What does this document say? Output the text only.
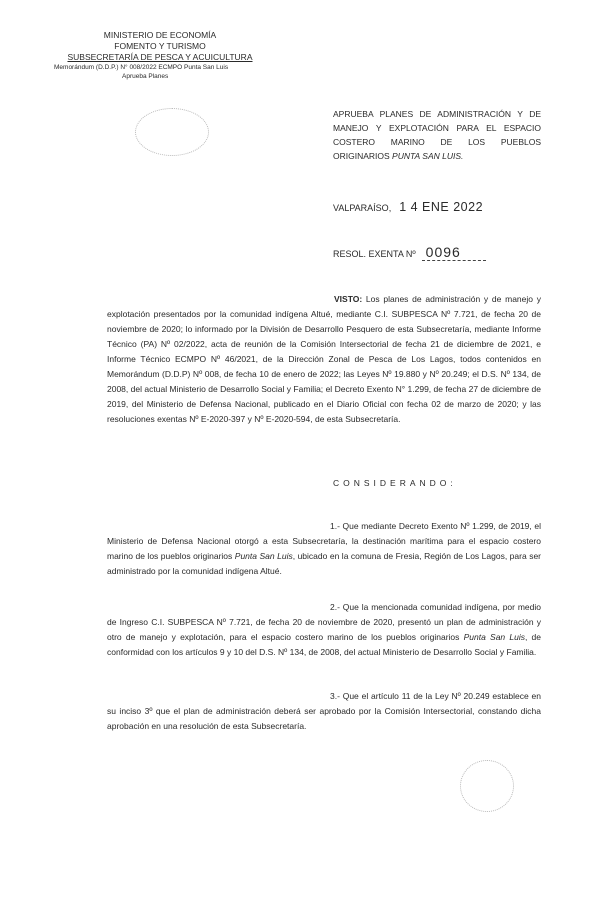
MINISTERIO DE ECONOMÍA
FOMENTO Y TURISMO
SUBSECRETARÍA DE PESCA Y ACUICULTURA
Memorándum (D.D.P.) N° 008/2022 ECMPO Punta San Luis
Aprueba Planes
APRUEBA PLANES DE ADMINISTRACIÓN Y DE MANEJO Y EXPLOTACIÓN PARA EL ESPACIO COSTERO MARINO DE LOS PUEBLOS ORIGINARIOS PUNTA SAN LUIS.
VALPARAÍSO, 1 4 ENE 2022
RESOL. EXENTA Nº 0096

VISTO: Los planes de administración y de manejo y explotación presentados por la comunidad indígena Altué, mediante C.I. SUBPESCA Nº 7.721, de fecha 20 de noviembre de 2020; lo informado por la División de Desarrollo Pesquero de esta Subsecretaría, mediante Informe Técnico (PA) Nº 02/2022, acta de reunión de la Comisión Intersectorial de fecha 21 de diciembre de 2021, e Informe Técnico ECMPO Nº 46/2021, de la Dirección Zonal de Pesca de Los Lagos, todos contenidos en Memorándum (D.D.P) Nº 008, de fecha 10 de enero de 2022; las Leyes Nº 19.880 y Nº 20.249; el D.S. Nº 134, de 2008, del actual Ministerio de Desarrollo Social y Familia; el Decreto Exento N° 1.299, de fecha 27 de diciembre de 2019, del Ministerio de Defensa Nacional, publicado en el Diario Oficial con fecha 02 de marzo de 2020; y las resoluciones exentas Nº E-2020-397 y Nº E-2020-594, de esta Subsecretaría.

CONSIDERANDO:

1.- Que mediante Decreto Exento Nº 1.299, de 2019, el Ministerio de Defensa Nacional otorgó a esta Subsecretaría, la destinación marítima para el espacio costero marino de los pueblos originarios Punta San Luis, ubicado en la comuna de Fresia, Región de Los Lagos, para ser administrado por la comunidad indígena Altué.

2.- Que la mencionada comunidad indígena, por medio de Ingreso C.I. SUBPESCA Nº 7.721, de fecha 20 de noviembre de 2020, presentó un plan de administración y otro de manejo y explotación, para el espacio costero marino de los pueblos originarios Punta San Luis, de conformidad con los artículos 9 y 10 del D.S. Nº 134, de 2008, del actual Ministerio de Desarrollo Social y Familia.

3.- Que el artículo 11 de la Ley Nº 20.249 establece en su inciso 3º que el plan de administración deberá ser aprobado por la Comisión Intersectorial, constando dicha aprobación en una resolución de esta Subsecretaría.
